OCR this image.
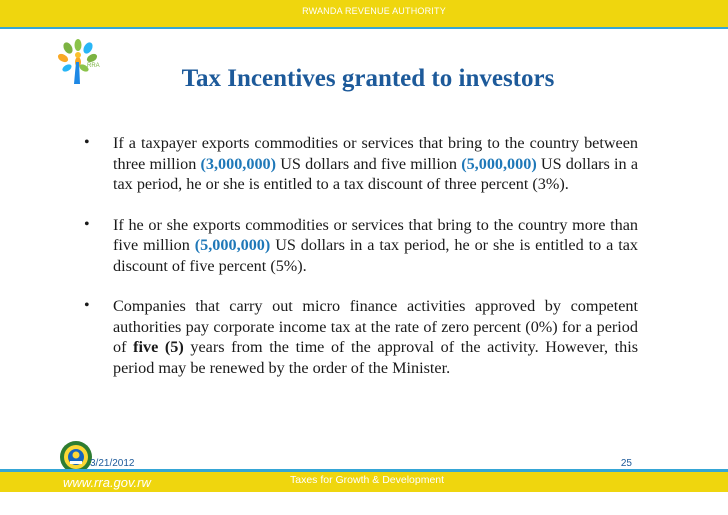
RWANDA REVENUE AUTHORITY
RRA	Tax Incentives granted to investors
• If a taxpayer exports commodities or services that bring to the country between three million (3,000,000) US dollars and five million (5,000,000) US dollars in a tax period, he or she is entitled to a tax discount of three percent (3%).
• If he or she exports commodities or services that bring to the country more than five million (5,000,000) US dollars in a tax period, he or she is entitled to a tax discount of five percent (5%).
• Companies that carry out micro finance activities approved by competent authorities pay corporate income tax at the rate of zero percent (0%) for a period of five (5) years from the time of the approval of the activity. However, this period may be renewed by the order of the Minister.
3/21/2012	25
www.rra.gov.rw	Taxes for Growth & Development
